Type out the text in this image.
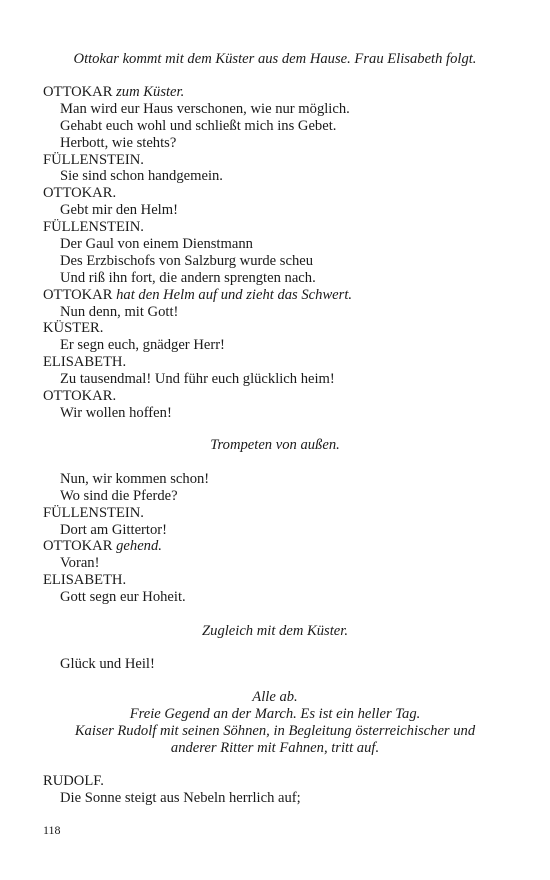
Ottokar kommt mit dem Küster aus dem Hause. Frau Elisabeth folgt.
OTTOKAR zum Küster.
Man wird eur Haus verschonen, wie nur möglich.
Gehabt euch wohl und schließt mich ins Gebet.
Herbott, wie stehts?
FÜLLENSTEIN.
Sie sind schon handgemein.
OTTOKAR.
Gebt mir den Helm!
FÜLLENSTEIN.
Der Gaul von einem Dienstmann
Des Erzbischofs von Salzburg wurde scheu
Und riß ihn fort, die andern sprengten nach.
OTTOKAR hat den Helm auf und zieht das Schwert.
Nun denn, mit Gott!
KÜSTER.
Er segn euch, gnädger Herr!
ELISABETH.
Zu tausendmal! Und führ euch glücklich heim!
OTTOKAR.
Wir wollen hoffen!
Trompeten von außen.
Nun, wir kommen schon!
Wo sind die Pferde?
FÜLLENSTEIN.
Dort am Gittertor!
OTTOKAR gehend.
Voran!
ELISABETH.
Gott segn eur Hoheit.
Zugleich mit dem Küster.
Glück und Heil!
Alle ab.
Freie Gegend an der March. Es ist ein heller Tag.
Kaiser Rudolf mit seinen Söhnen, in Begleitung österreichischer und
anderer Ritter mit Fahnen, tritt auf.
RUDOLF.
Die Sonne steigt aus Nebeln herrlich auf;
118
